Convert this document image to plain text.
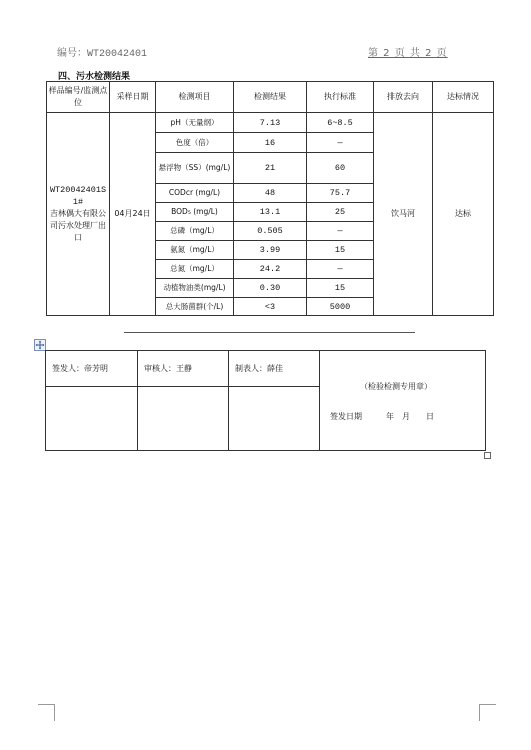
编号：WT20042401	第 2 页 共 2 页
四、污水检测结果
样品编号/监测点位	采样日期	检测项目	检测结果	执行标准	排放去向	达标情况

WT20042401S 1#
吉林偶大有限公司污水处理厂出口	04月24日	pH（无量纲）	7.13	6~8.5	饮马河	达标
		色度（倍）	16	—		
		悬浮物（SS）(mg/L)	21	60		
		CODcr (mg/L)	48	75.7		
		BOD₅ (mg/L)	13.1	25		
		总磷（mg/L）	0.505	—		
		氨氮（mg/L）	3.99	15		
		总氮（mg/L）	24.2	—		
		动植物油类(mg/L)	0.30	15		
		总大肠菌群(个/L)	<3	5000		
签发人：帝芳明	审核人：王静	制表人：薛佳	（检验检测专用章）
签发日期　　　年　月　　日
